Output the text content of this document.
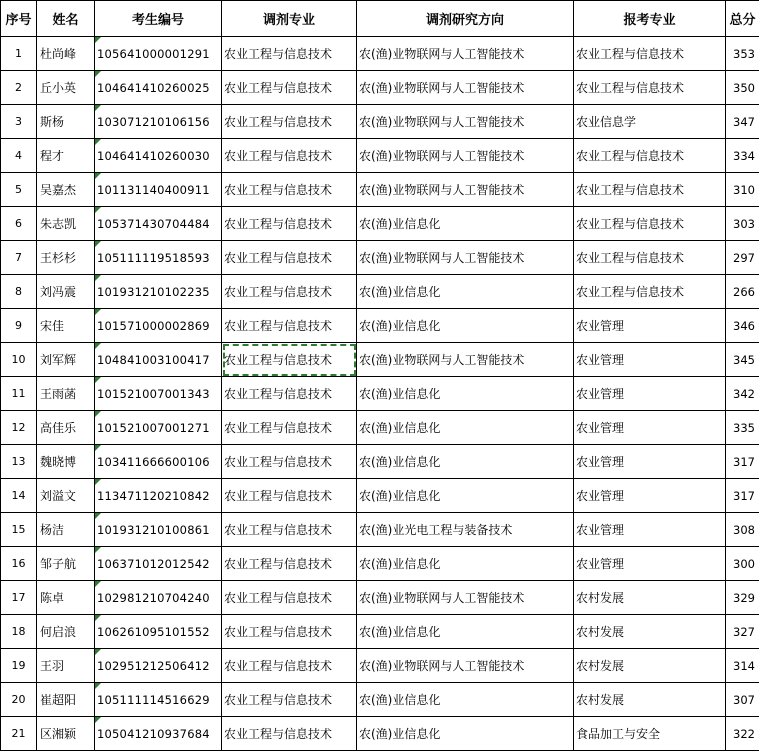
序号	姓名	考生编号	调剂专业	调剂研究方向	报考专业	总分
1	杜尚峰	105641000001291	农业工程与信息技术	农(渔)业物联网与人工智能技术	农业工程与信息技术	353
2	丘小英	104641410260025	农业工程与信息技术	农(渔)业物联网与人工智能技术	农业工程与信息技术	350
3	斯杨	103071210106156	农业工程与信息技术	农(渔)业物联网与人工智能技术	农业信息学	347
4	程才	104641410260030	农业工程与信息技术	农(渔)业物联网与人工智能技术	农业工程与信息技术	334
5	吴嘉杰	101131140400911	农业工程与信息技术	农(渔)业物联网与人工智能技术	农业工程与信息技术	310
6	朱志凯	105371430704484	农业工程与信息技术	农(渔)业信息化	农业工程与信息技术	303
7	王杉杉	105111119518593	农业工程与信息技术	农(渔)业物联网与人工智能技术	农业工程与信息技术	297
8	刘冯震	101931210102235	农业工程与信息技术	农(渔)业信息化	农业工程与信息技术	266
9	宋佳	101571000002869	农业工程与信息技术	农(渔)业信息化	农业管理	346
10	刘军辉	104841003100417	农业工程与信息技术	农(渔)业物联网与人工智能技术	农业管理	345
11	王雨菡	101521007001343	农业工程与信息技术	农(渔)业信息化	农业管理	342
12	高佳乐	101521007001271	农业工程与信息技术	农(渔)业信息化	农业管理	335
13	魏晓博	103411666600106	农业工程与信息技术	农(渔)业信息化	农业管理	317
14	刘溢文	113471120210842	农业工程与信息技术	农(渔)业信息化	农业管理	317
15	杨洁	101931210100861	农业工程与信息技术	农(渔)业光电工程与装备技术	农业管理	308
16	邹子航	106371012012542	农业工程与信息技术	农(渔)业信息化	农业管理	300
17	陈卓	102981210704240	农业工程与信息技术	农(渔)业物联网与人工智能技术	农村发展	329
18	何启浪	106261095101552	农业工程与信息技术	农(渔)业信息化	农村发展	327
19	王羽	102951212506412	农业工程与信息技术	农(渔)业物联网与人工智能技术	农村发展	314
20	崔超阳	105111114516629	农业工程与信息技术	农(渔)业信息化	农村发展	307
21	区湘颖	105041210937684	农业工程与信息技术	农(渔)业信息化	食品加工与安全	322
